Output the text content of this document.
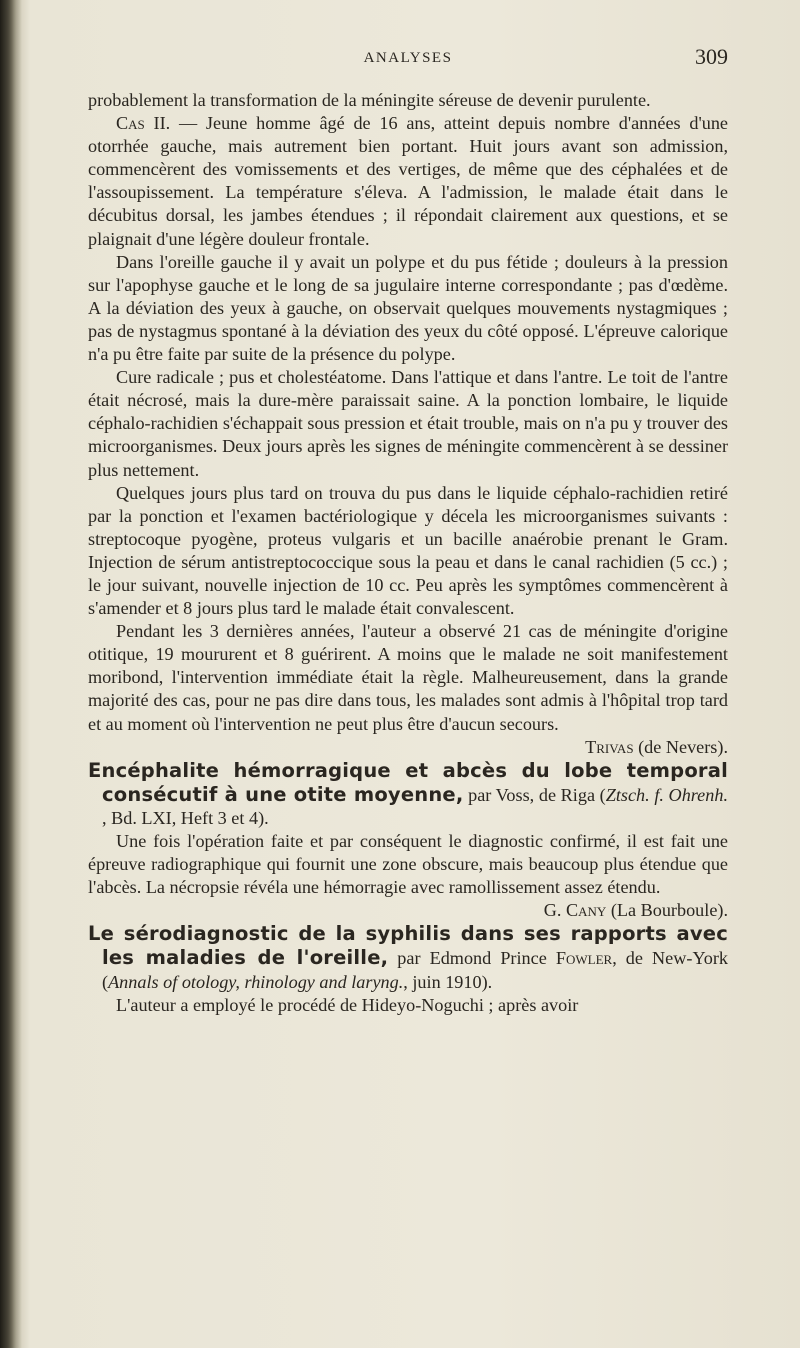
ANALYSES	309

probablement la transformation de la méningite séreuse de devenir purulente.

Cas II. — Jeune homme âgé de 16 ans, atteint depuis nombre d'années d'une otorrhée gauche, mais autrement bien portant. Huit jours avant son admission, commencèrent des vomissements et des vertiges, de même que des céphalées et de l'assoupissement. La température s'éleva. A l'admission, le malade était dans le décubitus dorsal, les jambes étendues ; il répondait clairement aux questions, et se plaignait d'une légère douleur frontale.

Dans l'oreille gauche il y avait un polype et du pus fétide ; douleurs à la pression sur l'apophyse gauche et le long de sa jugulaire interne correspondante ; pas d'œdème. A la déviation des yeux à gauche, on observait quelques mouvements nystagmiques ; pas de nystagmus spontané à la déviation des yeux du côté opposé. L'épreuve calorique n'a pu être faite par suite de la présence du polype.

Cure radicale ; pus et cholestéatome. Dans l'attique et dans l'antre. Le toit de l'antre était nécrosé, mais la dure-mère paraissait saine. A la ponction lombaire, le liquide céphalo-rachidien s'échappait sous pression et était trouble, mais on n'a pu y trouver des microorganismes. Deux jours après les signes de méningite commencèrent à se dessiner plus nettement.

Quelques jours plus tard on trouva du pus dans le liquide céphalo-rachidien retiré par la ponction et l'examen bactériologique y décela les microorganismes suivants : streptocoque pyogène, proteus vulgaris et un bacille anaérobie prenant le Gram. Injection de sérum antistreptococcique sous la peau et dans le canal rachidien (5 cc.) ; le jour suivant, nouvelle injection de 10 cc. Peu après les symptômes commencèrent à s'amender et 8 jours plus tard le malade était convalescent.

Pendant les 3 dernières années, l'auteur a observé 21 cas de méningite d'origine otitique, 19 moururent et 8 guérirent. A moins que le malade ne soit manifestement moribond, l'intervention immédiate était la règle. Malheureusement, dans la grande majorité des cas, pour ne pas dire dans tous, les malades sont admis à l'hôpital trop tard et au moment où l'intervention ne peut plus être d'aucun secours.

Trivas (de Nevers).

Encéphalite hémorragique et abcès du lobe temporal consécutif à une otite moyenne, par Voss, de Riga (Ztsch. f. Ohrenh. , Bd. LXI, Heft 3 et 4).

Une fois l'opération faite et par conséquent le diagnostic confirmé, il est fait une épreuve radiographique qui fournit une zone obscure, mais beaucoup plus étendue que l'abcès. La nécropsie révéla une hémorragie avec ramollissement assez étendu.

G. Cany (La Bourboule).

Le sérodiagnostic de la syphilis dans ses rapports avec les maladies de l'oreille, par Edmond Prince Fowler, de New-York (Annals of otology, rhinology and laryng., juin 1910).

L'auteur a employé le procédé de Hideyo-Noguchi ; après avoir
